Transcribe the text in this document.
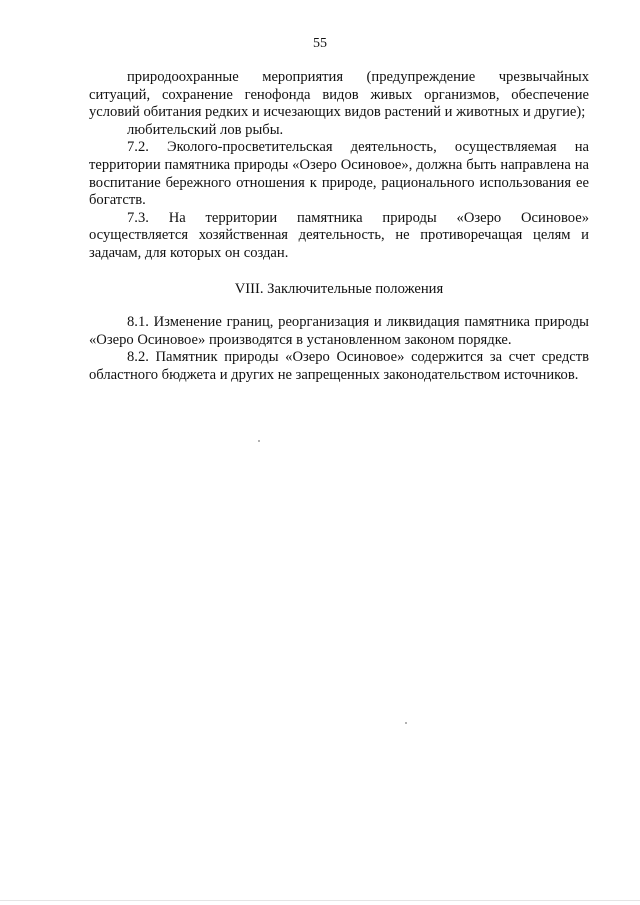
55

природоохранные мероприятия (предупреждение чрезвычайных ситуаций, сохранение генофонда видов живых организмов, обеспечение условий обитания редких и исчезающих видов растений и животных и другие);

любительский лов рыбы.

7.2. Эколого-просветительская деятельность, осуществляемая на территории памятника природы «Озеро Осиновое», должна быть направлена на воспитание бережного отношения к природе, рационального использования ее богатств.

7.3. На территории памятника природы «Озеро Осиновое» осуществляется хозяйственная деятельность, не противоречащая целям и задачам, для которых он создан.

VIII. Заключительные положения

8.1. Изменение границ, реорганизация и ликвидация памятника природы «Озеро Осиновое» производятся в установленном законом порядке.

8.2. Памятник природы «Озеро Осиновое» содержится за счет средств областного бюджета и других не запрещенных законодательством источников.
